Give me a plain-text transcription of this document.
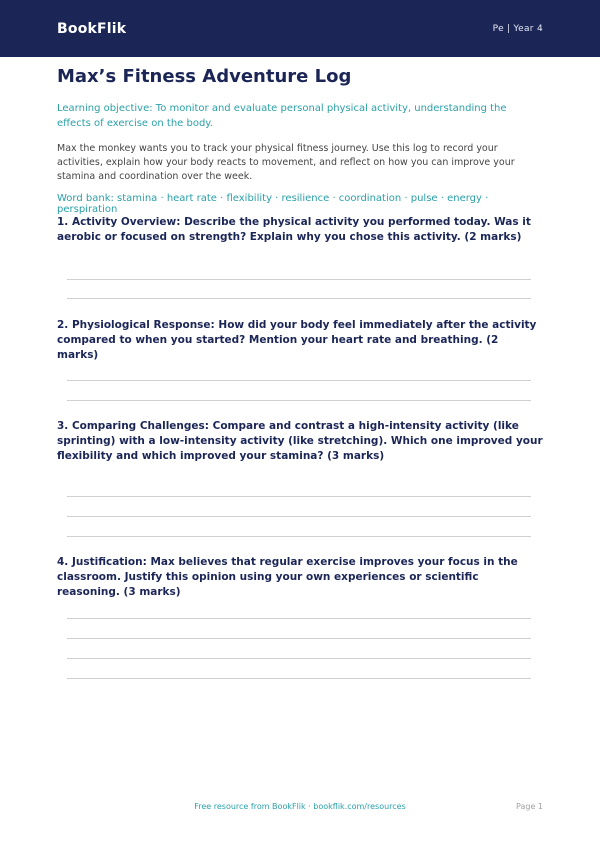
BookFlik	Pe | Year 4
Max’s Fitness Adventure Log

Learning objective: To monitor and evaluate personal physical activity, understanding the effects of exercise on the body.

Max the monkey wants you to track your physical fitness journey. Use this log to record your activities, explain how your body reacts to movement, and reflect on how you can improve your stamina and coordination over the week.

Word bank: stamina · heart rate · flexibility · resilience · coordination · pulse · energy · perspiration

1. Activity Overview: Describe the physical activity you performed today. Was it aerobic or focused on strength? Explain why you chose this activity. (2 marks)
2. Physiological Response: How did your body feel immediately after the activity compared to when you started? Mention your heart rate and breathing. (2 marks)
3. Comparing Challenges: Compare and contrast a high-intensity activity (like sprinting) with a low-intensity activity (like stretching). Which one improved your flexibility and which improved your stamina? (3 marks)
4. Justification: Max believes that regular exercise improves your focus in the classroom. Justify this opinion using your own experiences or scientific reasoning. (3 marks)
Free resource from BookFlik · bookflik.com/resources	Page 1
